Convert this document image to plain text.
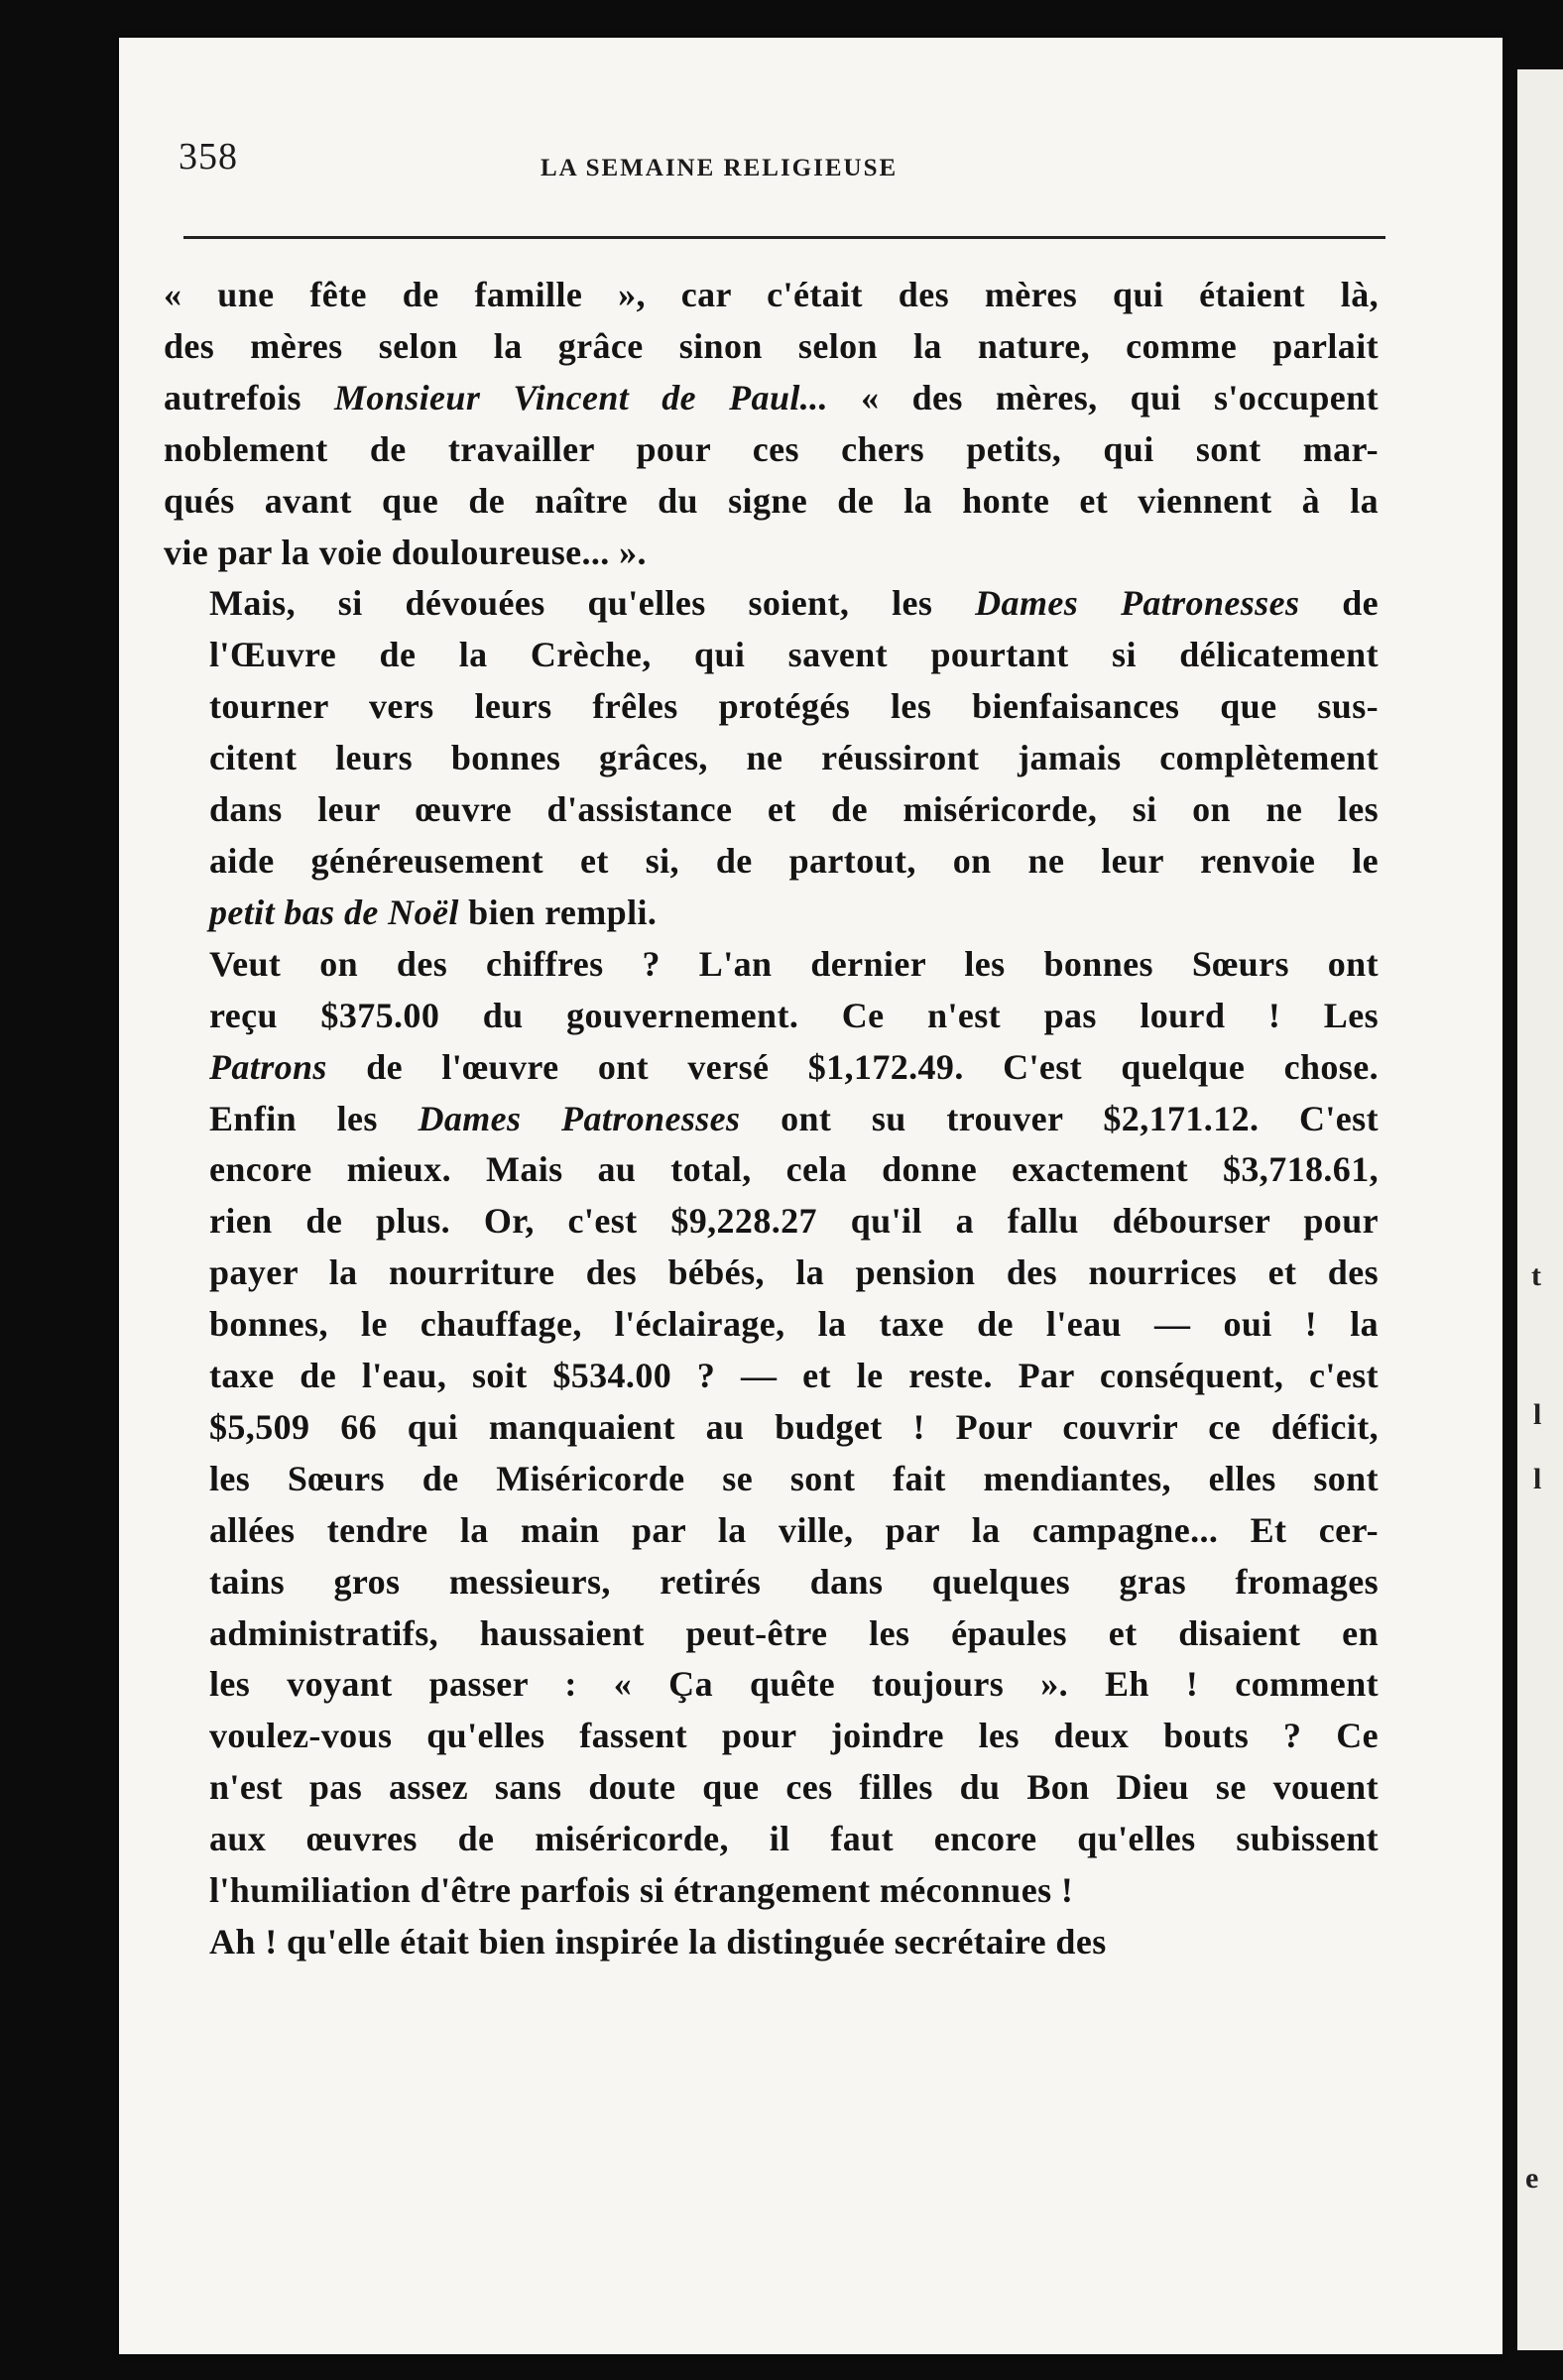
t
l
l
e
358	LA SEMAINE RELIGIEUSE

« une fête de famille », car c'était des mères qui étaient là,
des mères selon la grâce sinon selon la nature, comme parlait
autrefois Monsieur Vincent de Paul... « des mères, qui s'occupent
noblement de travailler pour ces chers petits, qui sont mar-
qués avant que de naître du signe de la honte et viennent à la
vie par la voie douloureuse... ».

Mais, si dévouées qu'elles soient, les Dames Patronesses de
l'Œuvre de la Crèche, qui savent pourtant si délicatement
tourner vers leurs frêles protégés les bienfaisances que sus-
citent leurs bonnes grâces, ne réussiront jamais complètement
dans leur œuvre d'assistance et de miséricorde, si on ne les
aide généreusement et si, de partout, on ne leur renvoie le
petit bas de Noël bien rempli.

Veut on des chiffres ? L'an dernier les bonnes Sœurs ont
reçu $375.00 du gouvernement. Ce n'est pas lourd ! Les
Patrons de l'œuvre ont versé $1,172.49. C'est quelque chose.
Enfin les Dames Patronesses ont su trouver $2,171.12. C'est
encore mieux. Mais au total, cela donne exactement $3,718.61,
rien de plus. Or, c'est $9,228.27 qu'il a fallu débourser pour
payer la nourriture des bébés, la pension des nourrices et des
bonnes, le chauffage, l'éclairage, la taxe de l'eau — oui ! la
taxe de l'eau, soit $534.00 ? — et le reste. Par conséquent, c'est
$5,509 66 qui manquaient au budget ! Pour couvrir ce déficit,
les Sœurs de Miséricorde se sont fait mendiantes, elles sont
allées tendre la main par la ville, par la campagne... Et cer-
tains gros messieurs, retirés dans quelques gras fromages
administratifs, haussaient peut-être les épaules et disaient en
les voyant passer : « Ça quête toujours ». Eh ! comment
voulez-vous qu'elles fassent pour joindre les deux bouts ? Ce
n'est pas assez sans doute que ces filles du Bon Dieu se vouent
aux œuvres de miséricorde, il faut encore qu'elles subissent
l'humiliation d'être parfois si étrangement méconnues !

Ah ! qu'elle était bien inspirée la distinguée secrétaire des
